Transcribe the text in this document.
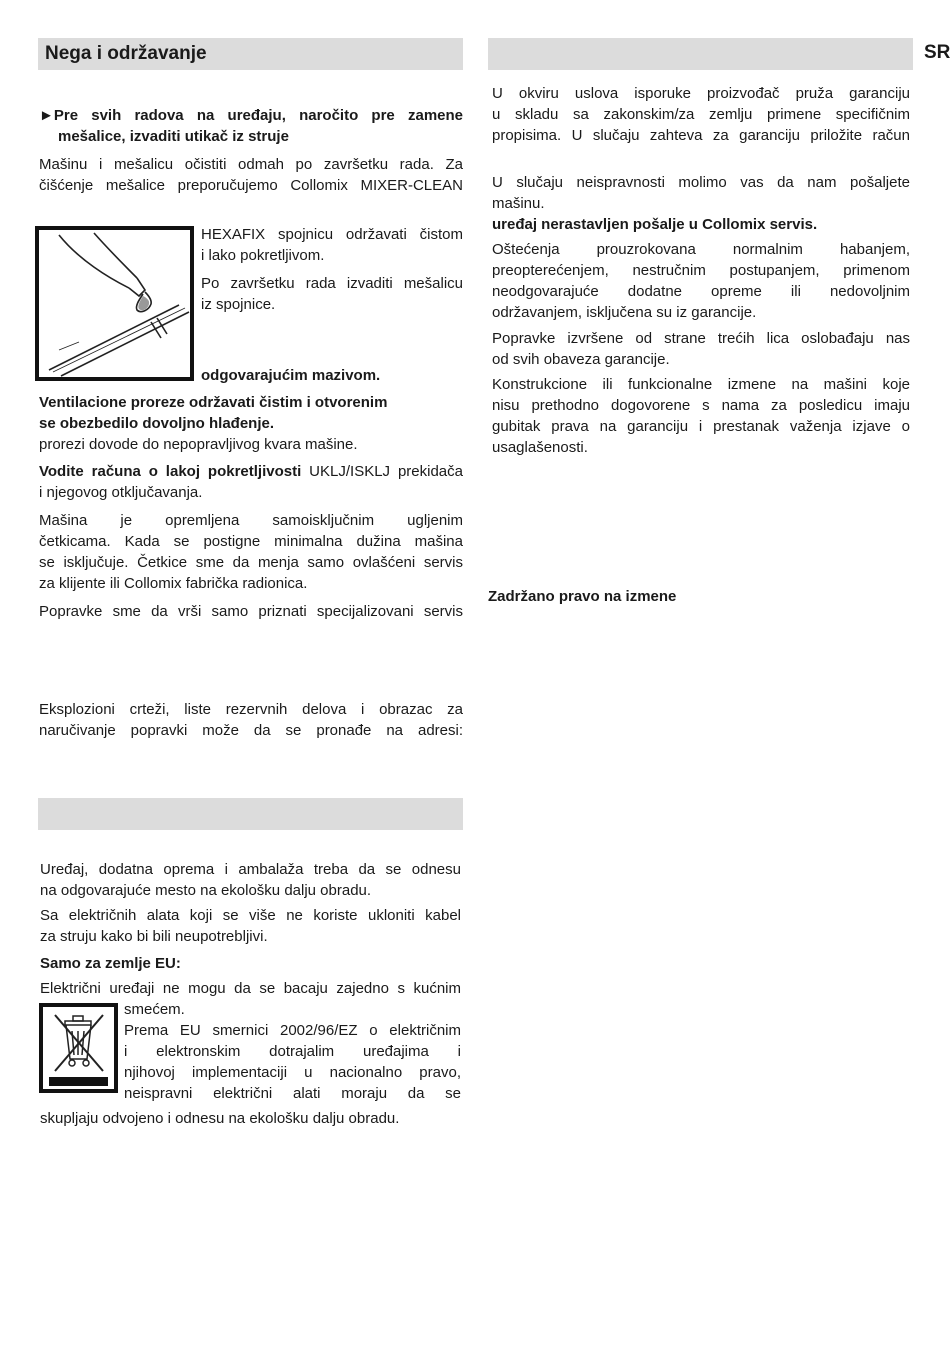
SR
Nega i održavanje

►Pre svih radova na uređaju, naročito pre zamene

mešalice, izvaditi utikač iz struje

Mašinu i mešalicu očistiti odmah po završetku rada. Za

čišćenje mešalice preporučujemo Collomix MIXER-CLEAN

HEXAFIX spojnicu održavati čistom

i lako pokretljivom.

Po završetku rada izvaditi mešalicu

iz spojnice.

odgovarajućim mazivom.

Ventilacione proreze održavati čistim i otvorenim

se obezbedilo dovoljno hlađenje.

prorezi dovode do nepopravljivog kvara mašine.

Vodite računa o lakoj pokretljivosti UKLJ/ISKLJ prekidača

i njegovog otključavanja.

Mašina je opremljena samoisključnim ugljenim

četkicama. Kada se postigne minimalna dužina mašina

se isključuje. Četkice sme da menja samo ovlašćeni servis

za klijente ili Collomix fabrička radionica.

Popravke sme da vrši samo priznati specijalizovani servis

Eksplozioni crteži, liste rezervnih delova i obrazac za

naručivanje popravki može da se pronađe na adresi:

Uređaj, dodatna oprema i ambalaža treba da se odnesu

na odgovarajuće mesto na ekološku dalju obradu.

Sa električnih alata koji se više ne koriste ukloniti kabel

za struju kako bi bili neupotrebljivi.

Samo za zemlje EU:

Električni uređaji ne mogu da se bacaju zajedno s kućnim

smećem.

Prema EU smernici 2002/96/EZ o električnim

i elektronskim dotrajalim uređajima i

njihovoj implementaciji u nacionalno pravo,

neispravni električni alati moraju da se

skupljaju odvojeno i odnesu na ekološku dalju obradu.

U okviru uslova isporuke proizvođač pruža garanciju

u skladu sa zakonskim/za zemlju primene specifičnim

propisima. U slučaju zahteva za garanciju priložite račun

U slučaju neispravnosti molimo vas da nam pošaljete

mašinu.

uređaj nerastavljen pošalje u Collomix servis.

Oštećenja prouzrokovana normalnim habanjem,

preopterećenjem, nestručnim postupanjem, primenom

neodgovarajuće dodatne opreme ili nedovoljnim

održavanjem, isključena su iz garancije.

Popravke izvršene od strane trećih lica oslobađaju nas

od svih obaveza garancije.

Konstrukcione ili funkcionalne izmene na mašini koje

nisu prethodno dogovorene s nama za posledicu imaju

gubitak prava na garanciju i prestanak važenja izjave o

usaglašenosti.

Zadržano pravo na izmene
